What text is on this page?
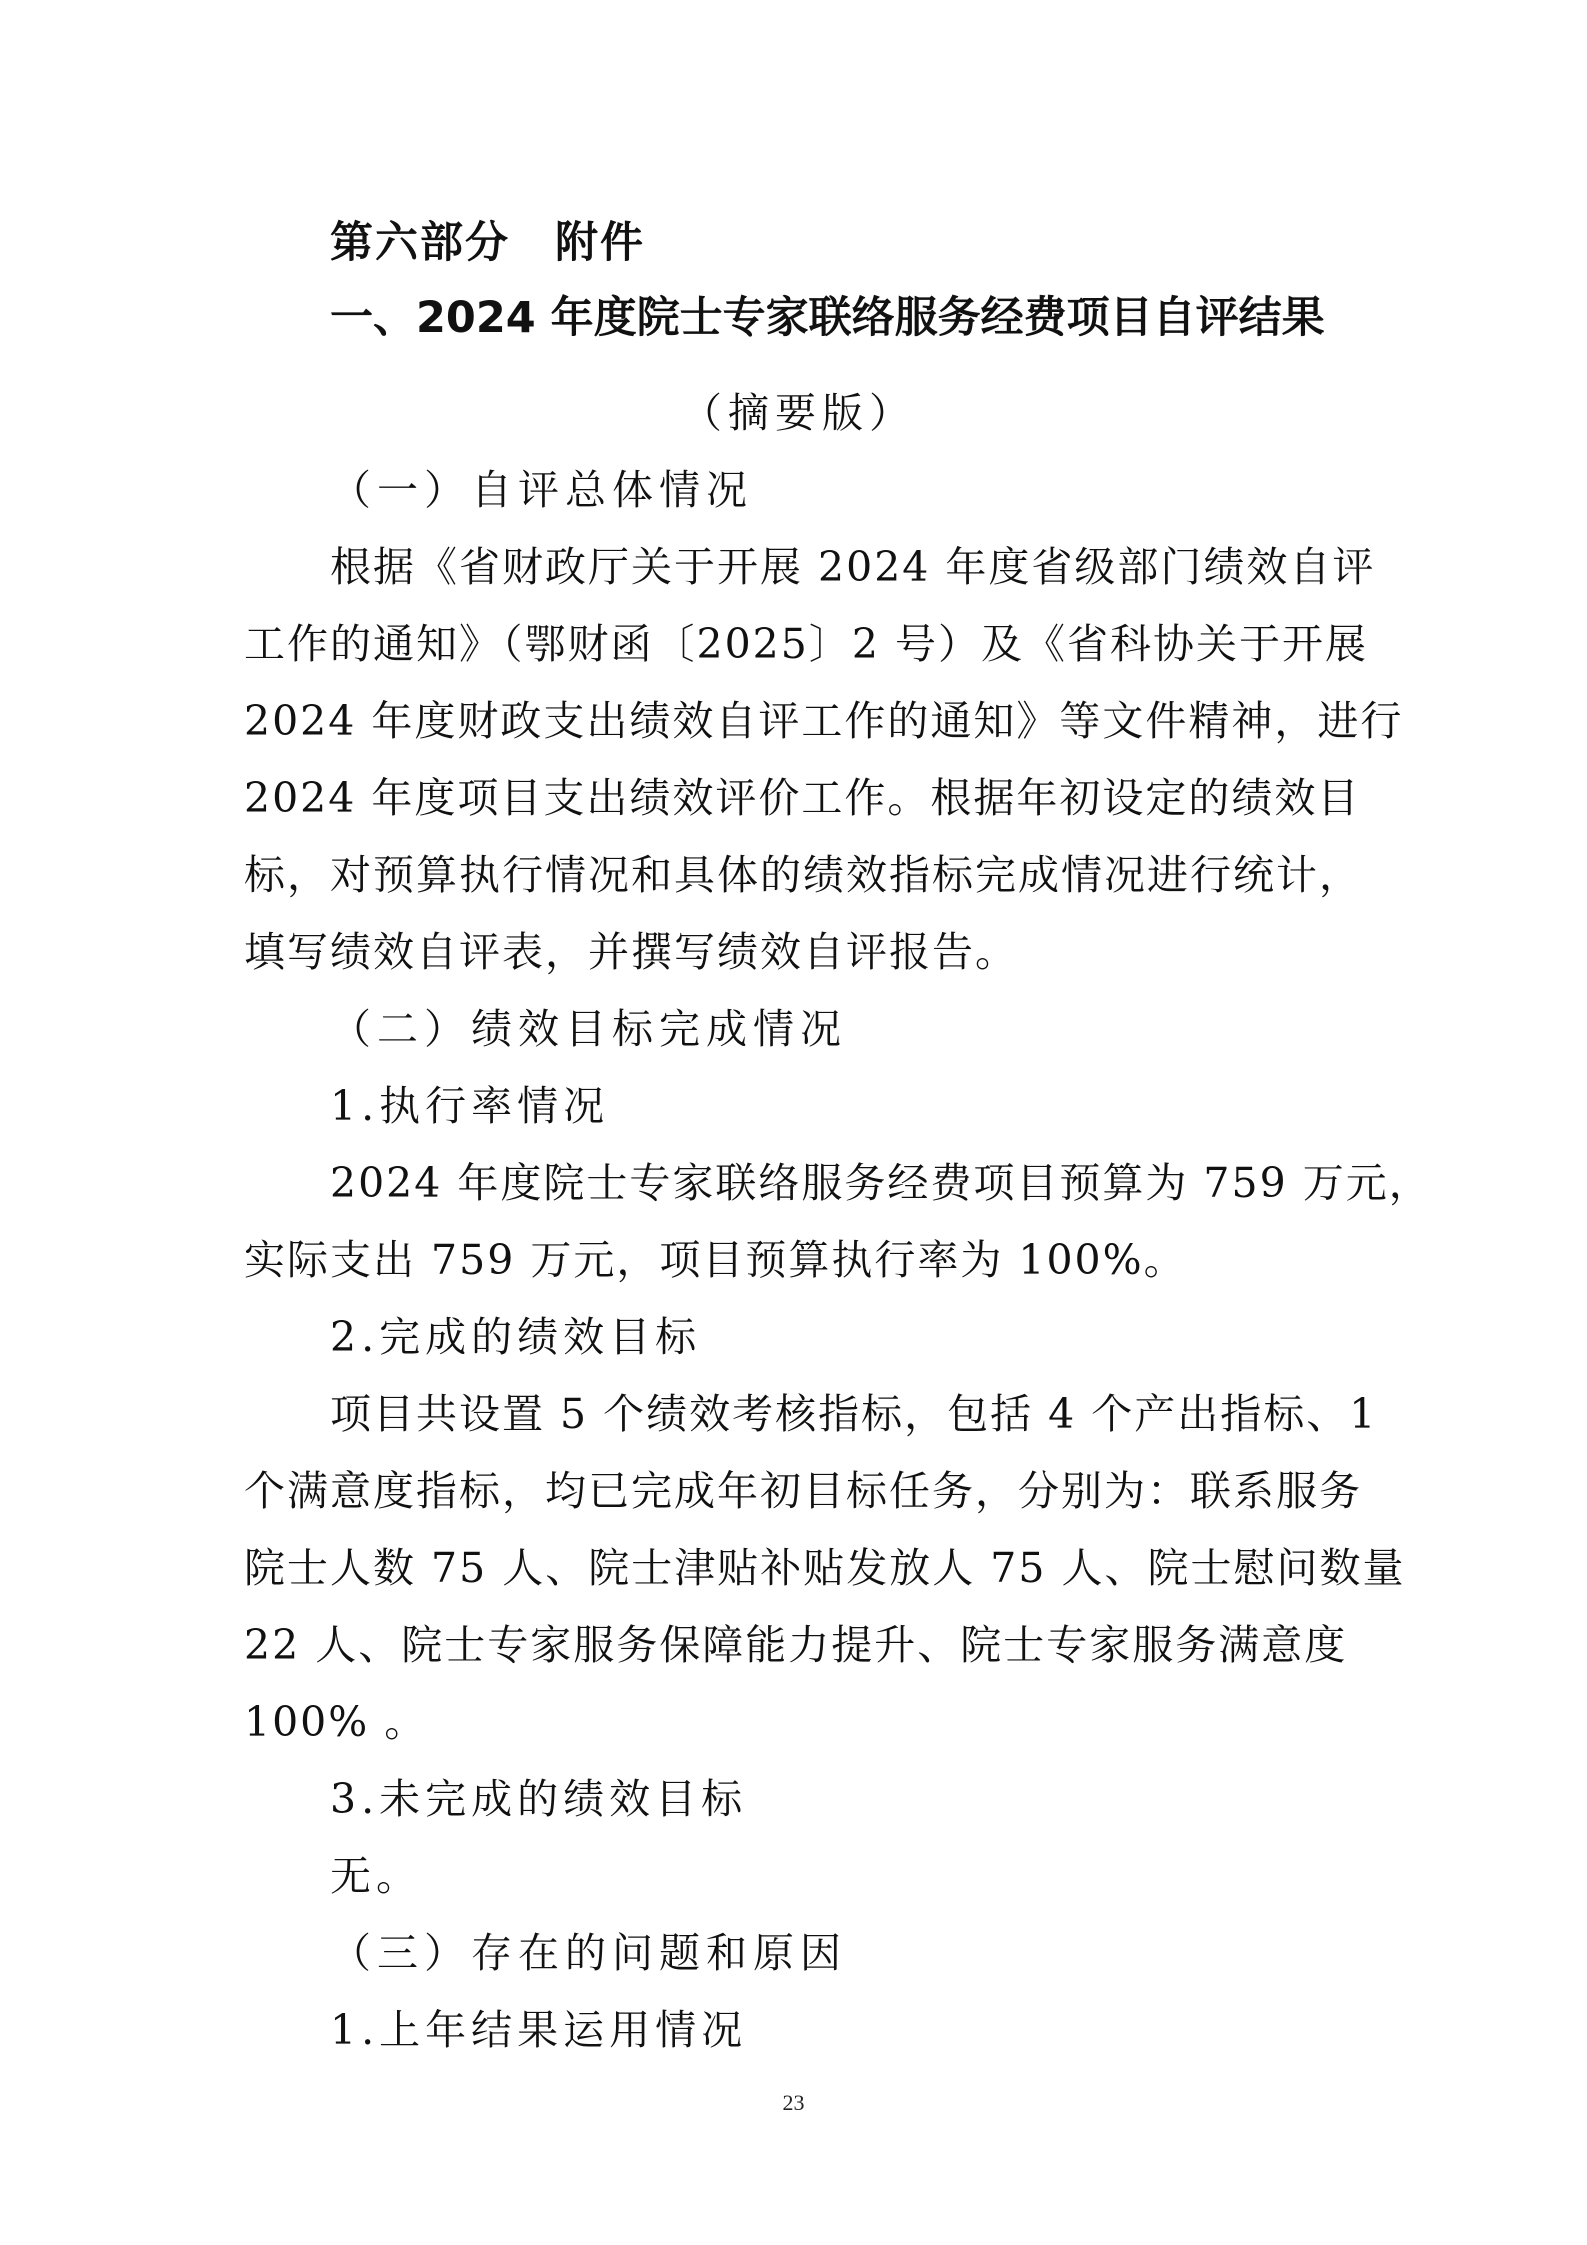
第六部分　附件

一、2024 年度院士专家联络服务经费项目自评结果

（摘要版）

（一）自评总体情况

根据《省财政厅关于开展 2024 年度省级部门绩效自评

工作的通知》（鄂财函〔2025〕2 号）及《省科协关于开展

2024 年度财政支出绩效自评工作的通知》等文件精神，进行

2024 年度项目支出绩效评价工作。根据年初设定的绩效目

标，对预算执行情况和具体的绩效指标完成情况进行统计，

填写绩效自评表，并撰写绩效自评报告。

（二）绩效目标完成情况

1.执行率情况

2024 年度院士专家联络服务经费项目预算为 759 万元，

实际支出 759 万元，项目预算执行率为 100%。

2.完成的绩效目标

项目共设置 5 个绩效考核指标，包括 4 个产出指标、1

个满意度指标，均已完成年初目标任务，分别为：联系服务

院士人数 75 人、院士津贴补贴发放人 75 人、院士慰问数量

22 人、院士专家服务保障能力提升、院士专家服务满意度

100% 。

3.未完成的绩效目标

无。

（三）存在的问题和原因

1.上年结果运用情况

23
